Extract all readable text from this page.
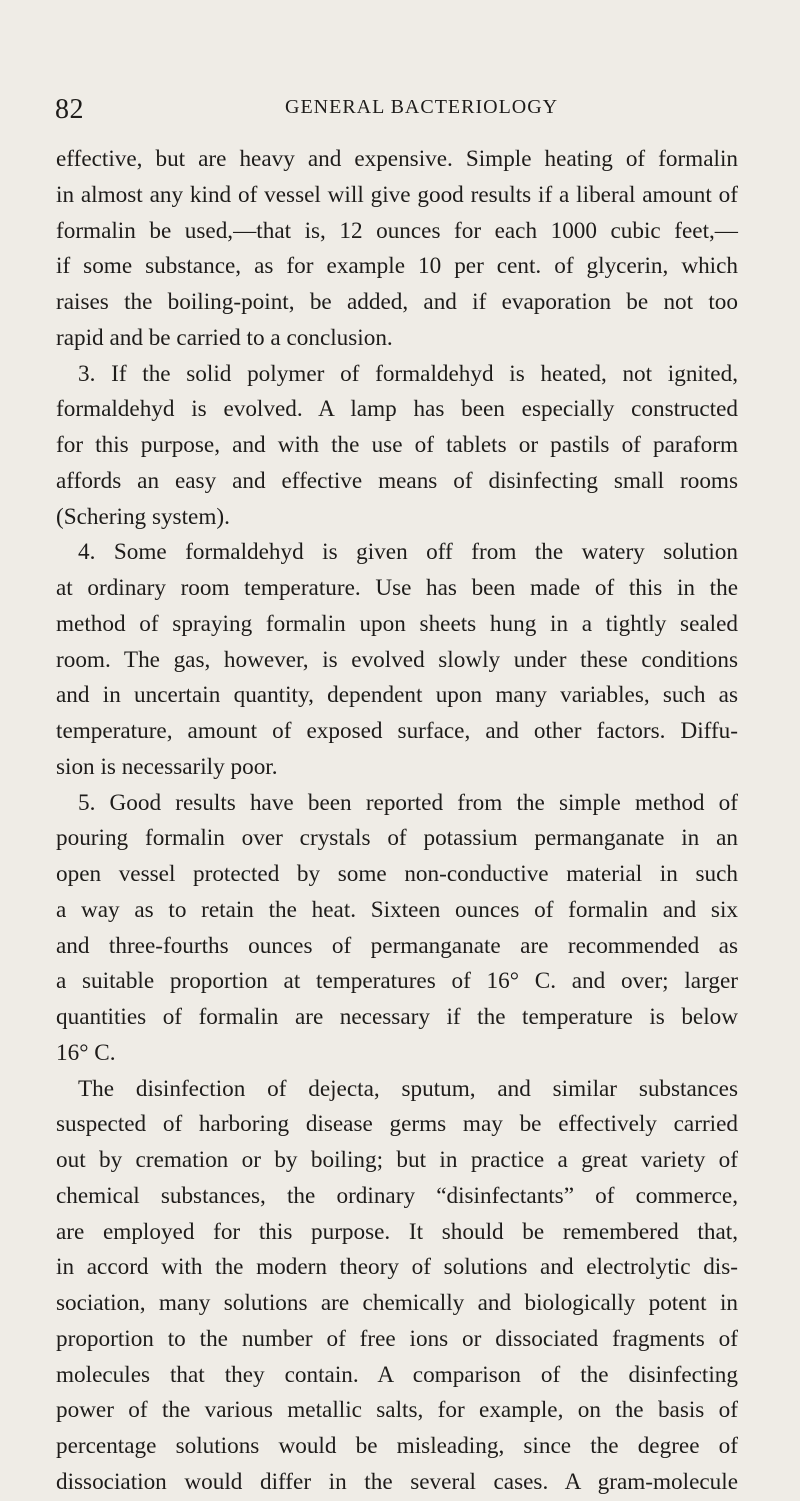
82	GENERAL BACTERIOLOGY
effective, but are heavy and expensive. Simple heating of formalin
in almost any kind of vessel will give good results if a liberal amount of
formalin be used,—that is, 12 ounces for each 1000 cubic feet,—
if some substance, as for example 10 per cent. of glycerin, which
raises the boiling-point, be added, and if evaporation be not too
rapid and be carried to a conclusion.
3. If the solid polymer of formaldehyd is heated, not ignited,
formaldehyd is evolved. A lamp has been especially constructed
for this purpose, and with the use of tablets or pastils of paraform
affords an easy and effective means of disinfecting small rooms
(Schering system).
4. Some formaldehyd is given off from the watery solution
at ordinary room temperature. Use has been made of this in the
method of spraying formalin upon sheets hung in a tightly sealed
room. The gas, however, is evolved slowly under these conditions
and in uncertain quantity, dependent upon many variables, such as
temperature, amount of exposed surface, and other factors. Diffu-
sion is necessarily poor.
5. Good results have been reported from the simple method of
pouring formalin over crystals of potassium permanganate in an
open vessel protected by some non-conductive material in such
a way as to retain the heat. Sixteen ounces of formalin and six
and three-fourths ounces of permanganate are recommended as
a suitable proportion at temperatures of 16° C. and over; larger
quantities of formalin are necessary if the temperature is below
16° C.
The disinfection of dejecta, sputum, and similar substances
suspected of harboring disease germs may be effectively carried
out by cremation or by boiling; but in practice a great variety of
chemical substances, the ordinary “disinfectants” of commerce,
are employed for this purpose. It should be remembered that,
in accord with the modern theory of solutions and electrolytic dis-
sociation, many solutions are chemically and biologically potent in
proportion to the number of free ions or dissociated fragments of
molecules that they contain. A comparison of the disinfecting
power of the various metallic salts, for example, on the basis of
percentage solutions would be misleading, since the degree of
dissociation would differ in the several cases. A gram-molecule
